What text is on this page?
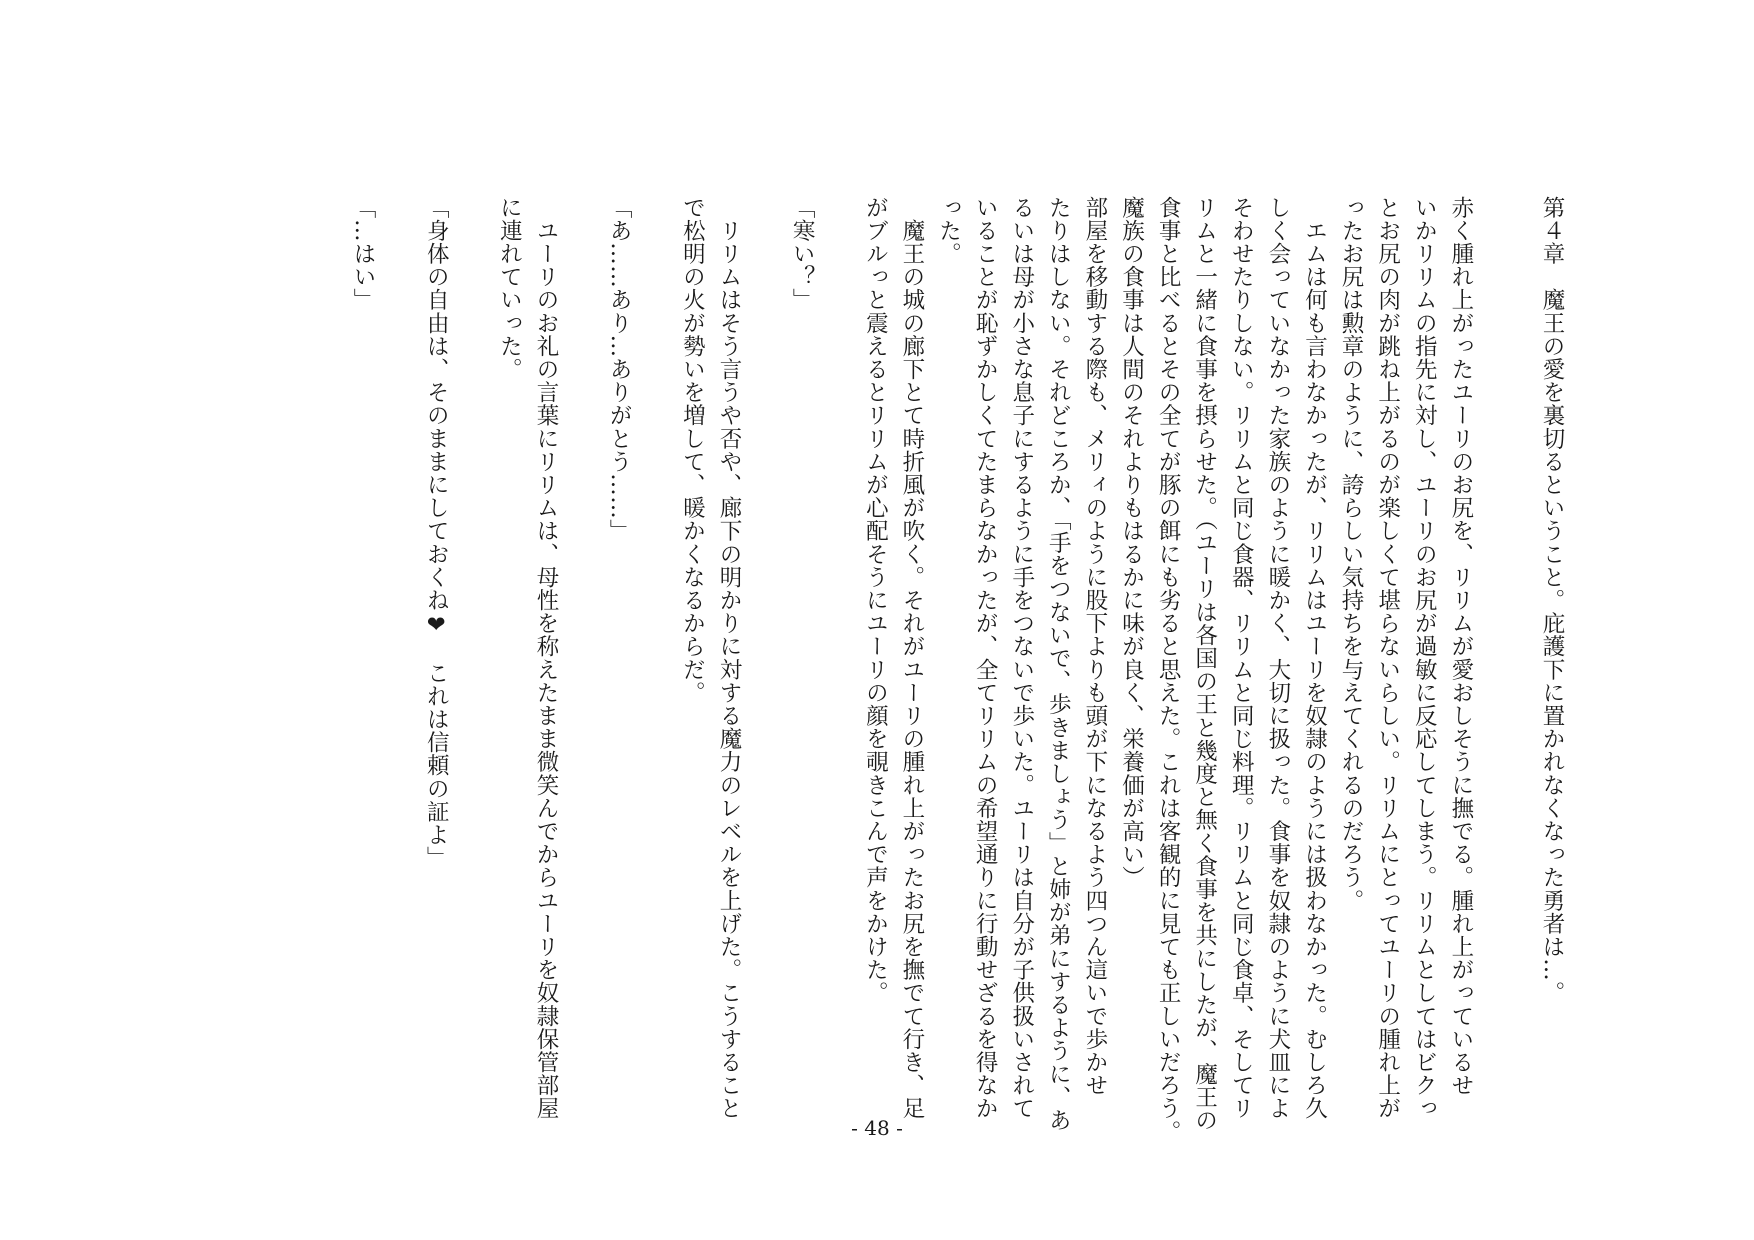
第４章　魔王の愛を裏切るということ。庇護下に置かれなくなった勇者は…。

赤く腫れ上がったユーリのお尻を、リリムが愛おしそうに撫でる。腫れ上がっているせ

いかリリムの指先に対し、ユーリのお尻が過敏に反応してしまう。リリムとしてはビクっ

とお尻の肉が跳ね上がるのが楽しくて堪らないらしい。リリムにとってユーリの腫れ上が

ったお尻は勲章のように、誇らしい気持ちを与えてくれるのだろう。

　エムは何も言わなかったが、リリムはユーリを奴隷のようには扱わなかった。むしろ久

しく会っていなかった家族のように暖かく、大切に扱った。食事を奴隷のように犬皿によ

そわせたりしない。リリムと同じ食器、リリムと同じ料理。リリムと同じ食卓、そしてリ

リムと一緒に食事を摂らせた。（ユーリは各国の王と幾度と無く食事を共にしたが、魔王の

食事と比べるとその全てが豚の餌にも劣ると思えた。これは客観的に見ても正しいだろう。

魔族の食事は人間のそれよりもはるかに味が良く、栄養価が高い）

部屋を移動する際も、メリィのように股下よりも頭が下になるよう四つん這いで歩かせ

たりはしない。それどころか、「手をつないで、歩きましょう」と姉が弟にするように、あ

るいは母が小さな息子にするように手をつないで歩いた。ユーリは自分が子供扱いされて

いることが恥ずかしくてたまらなかったが、全てリリムの希望通りに行動せざるを得なか

った。

　魔王の城の廊下とて時折風が吹く。それがユーリの腫れ上がったお尻を撫でて行き、足

がブルっと震えるとリリムが心配そうにユーリの顔を覗きこんで声をかけた。

「寒い？」

　リリムはそう言うや否や、廊下の明かりに対する魔力のレベルを上げた。こうすること

で松明の火が勢いを増して、暖かくなるからだ。

「あ……あり…ありがとう……」

　ユーリのお礼の言葉にリリムは、母性を称えたまま微笑んでからユーリを奴隷保管部屋

に連れていった。

「身体の自由は、そのままにしておくね❤　これは信頼の証よ」

「…はい」

- 48 -
